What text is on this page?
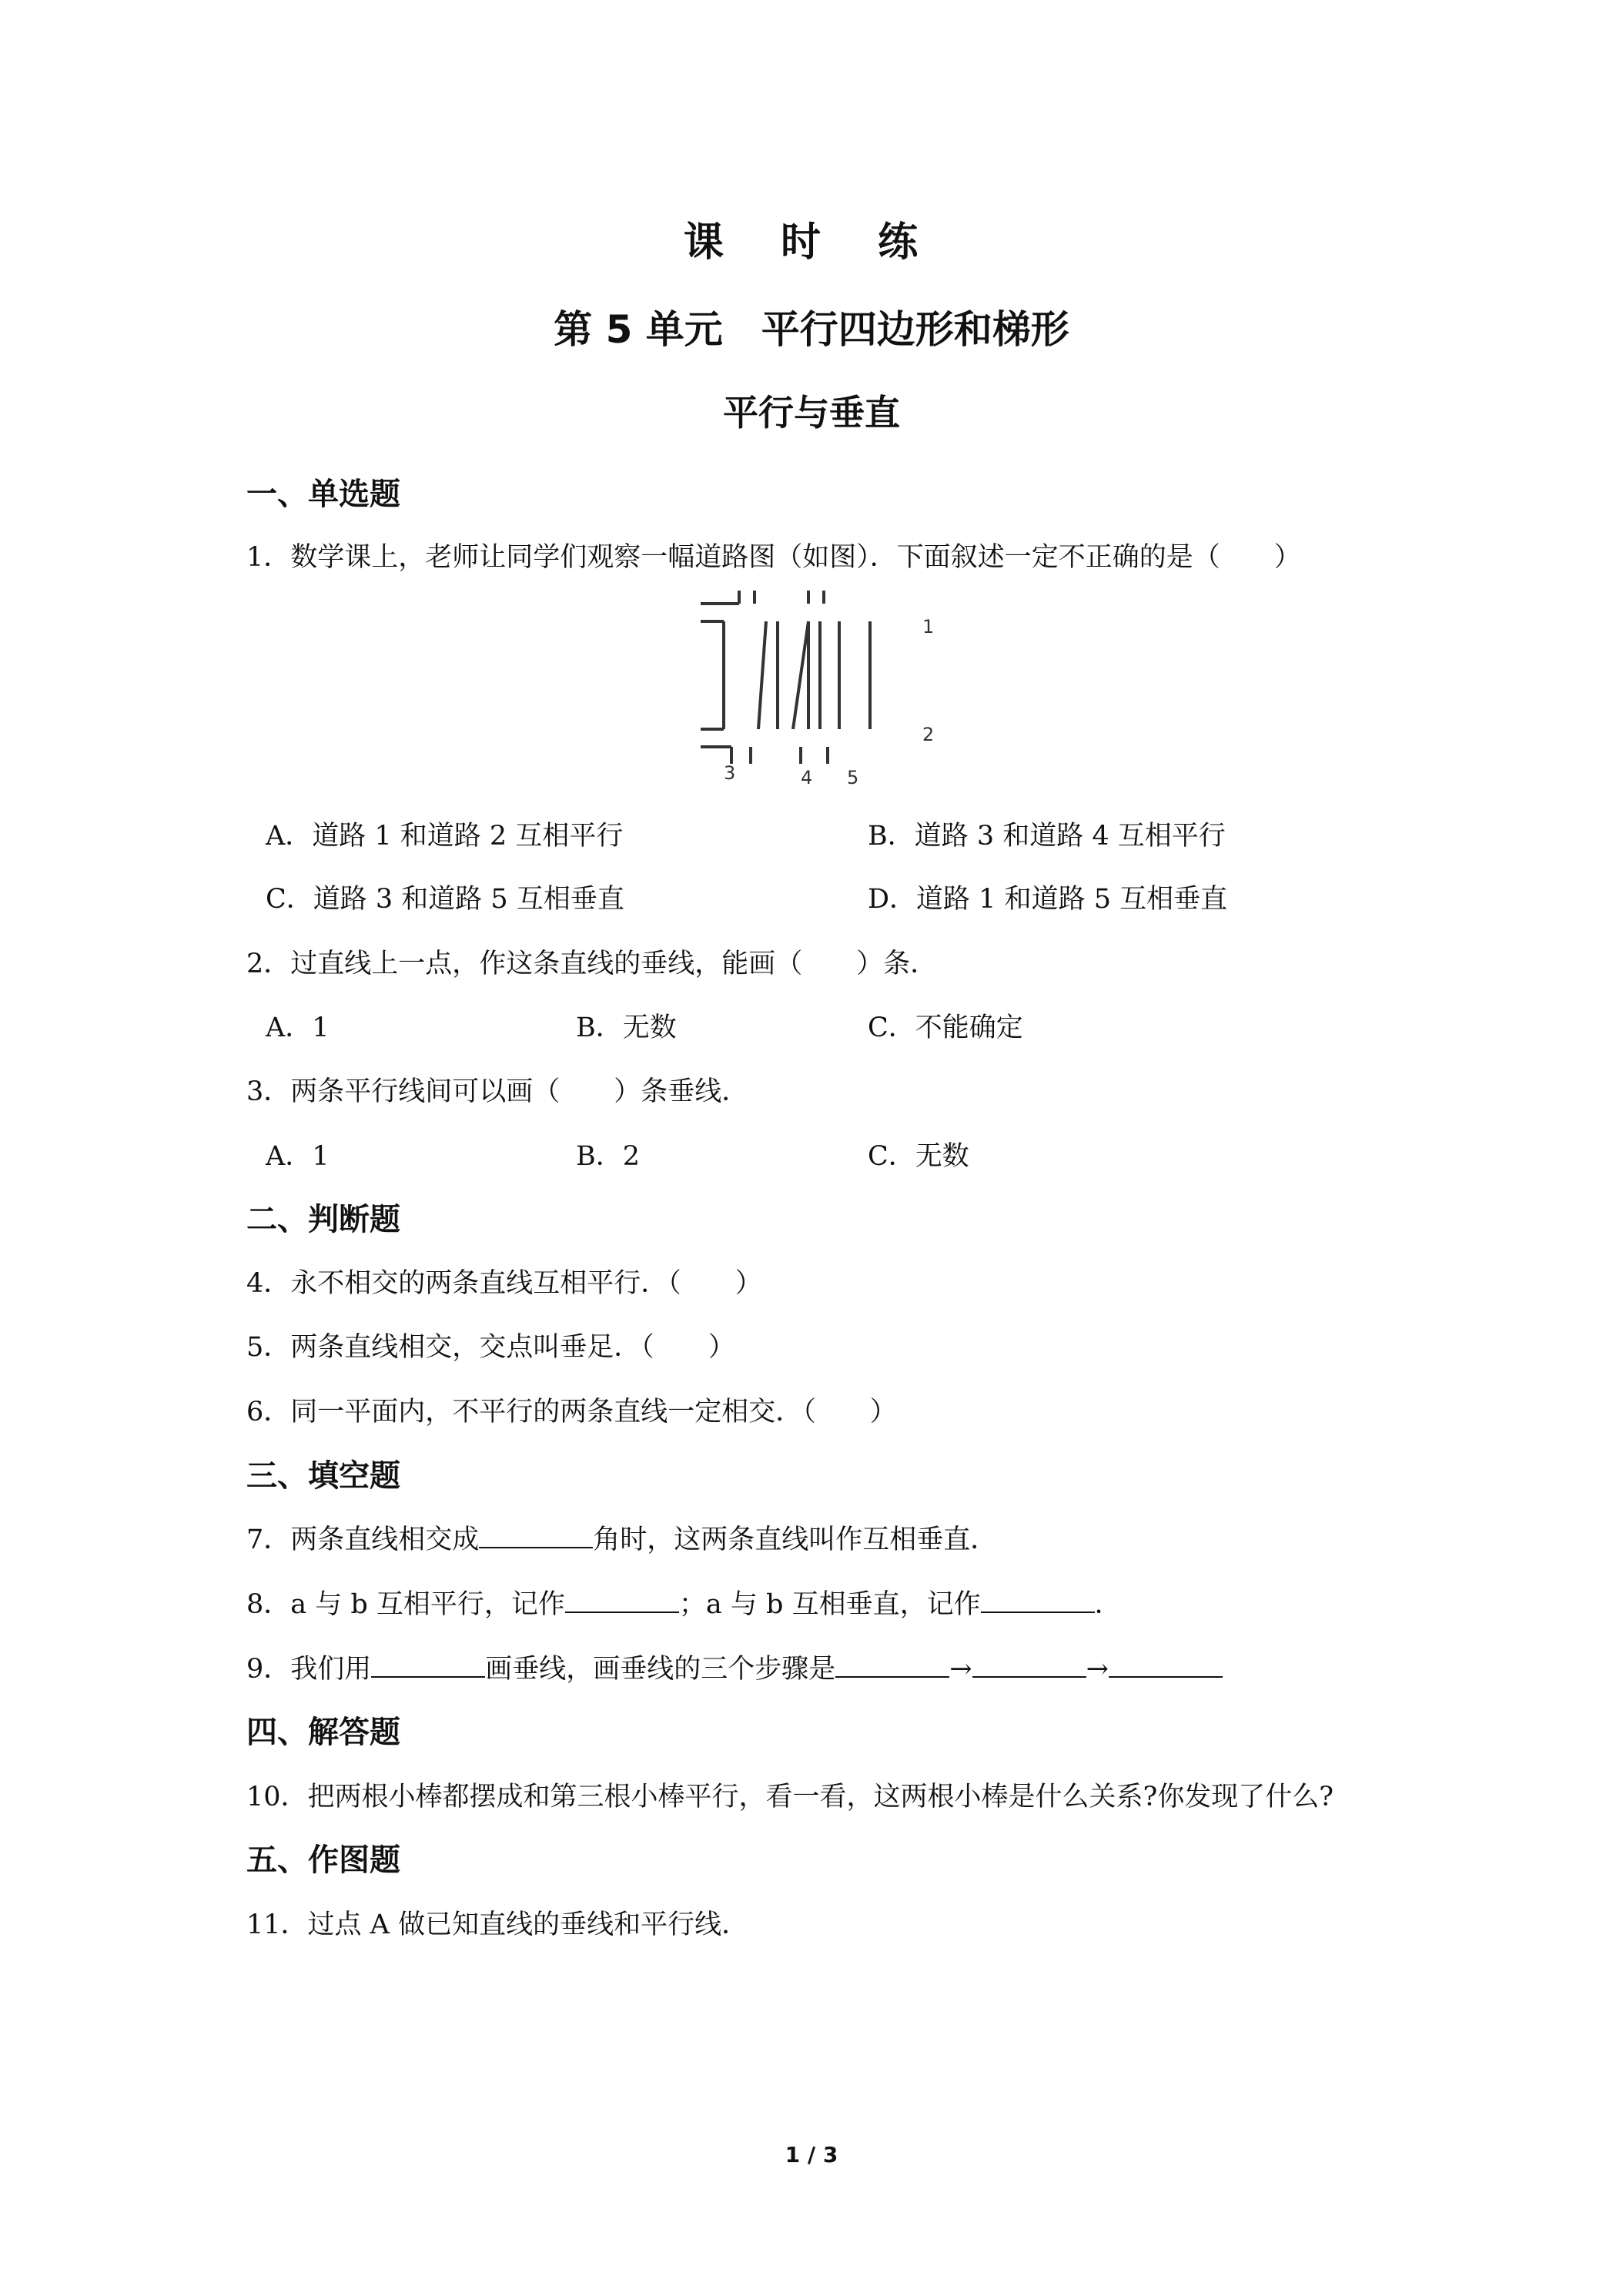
课 时 练
第 5 单元　平行四边形和梯形
平行与垂直
一、单选题
1．数学课上，老师让同学们观察一幅道路图（如图）．下面叙述一定不正确的是（　　）
1
2
3	4 5
A．道路 1 和道路 2 互相平行	B．道路 3 和道路 4 互相平行
C．道路 3 和道路 5 互相垂直	D．道路 1 和道路 5 互相垂直
2．过直线上一点，作这条直线的垂线，能画（　　）条．
A．1	B．无数	C．不能确定
3．两条平行线间可以画（　　）条垂线．
A．1	B．2	C．无数
二、判断题
4．永不相交的两条直线互相平行．（　　）
5．两条直线相交，交点叫垂足．（　　）
6．同一平面内，不平行的两条直线一定相交．（　　）
三、填空题
7．两条直线相交成	角时，这两条直线叫作互相垂直．
8．a 与 b 互相平行，记作	；a 与 b 互相垂直，记作	．
9．我们用	画垂线，画垂线的三个步骤是	→	→
四、解答题
10．把两根小棒都摆成和第三根小棒平行，看一看，这两根小棒是什么关系?你发现了什么?
五、作图题
11．过点 A 做已知直线的垂线和平行线．
1 / 3
